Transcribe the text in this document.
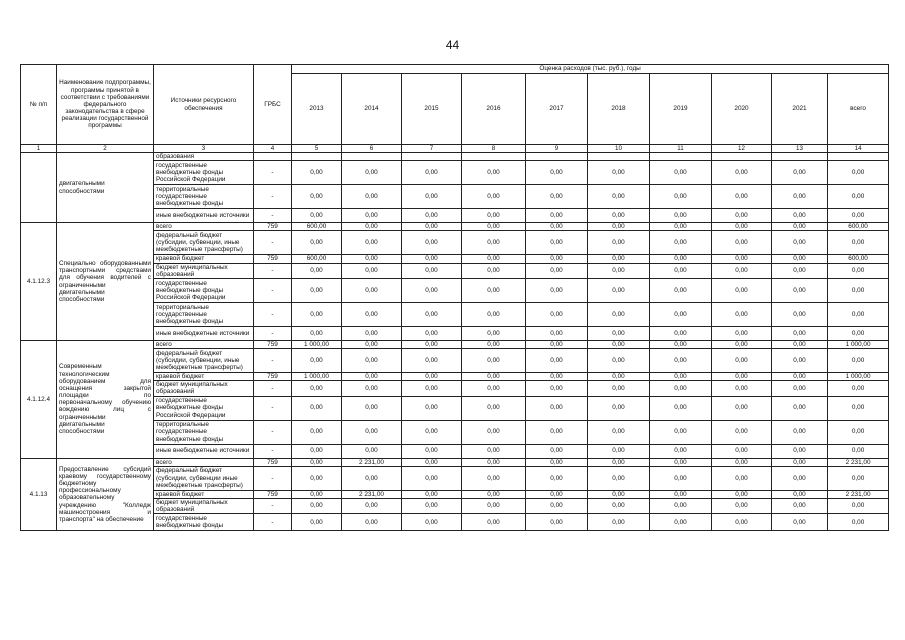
44
№ п/п	Наименование подпрограммы, программы принятой в соответствии с требованиями федерального законодательства в сфере реализации государственной программы	Источники ресурсного обеспечения	ГРБС	Оценка расходов (тыс. руб.), годы									
				2013	2014	2015	2016	2017	2018	2019	2020	2021	всего
1	2	3	4	5	6	7	8	9	10	11	12	13	14
	двигательными способностями	образования											
		государственные внебюджетные фонды Российской Федерации	-	0,00	0,00	0,00	0,00	0,00	0,00	0,00	0,00	0,00	0,00
		территориальные государственные внебюджетные фонды	-	0,00	0,00	0,00	0,00	0,00	0,00	0,00	0,00	0,00	0,00
		иные внебюджетные источники	-	0,00	0,00	0,00	0,00	0,00	0,00	0,00	0,00	0,00	0,00
4.1.12.3	Специально оборудованными транспортными средствами для обучения водителей с ограниченными двигательными способностями	всего	759	600,00	0,00	0,00	0,00	0,00	0,00	0,00	0,00	0,00	600,00
		федеральный бюджет (субсидии, субвенции, иные межбюджетные трансферты)	-	0,00	0,00	0,00	0,00	0,00	0,00	0,00	0,00	0,00	0,00
		краевой бюджет	759	600,00	0,00	0,00	0,00	0,00	0,00	0,00	0,00	0,00	600,00
		бюджет муниципальных образований	-	0,00	0,00	0,00	0,00	0,00	0,00	0,00	0,00	0,00	0,00
		государственные внебюджетные фонды Российской Федерации	-	0,00	0,00	0,00	0,00	0,00	0,00	0,00	0,00	0,00	0,00
		территориальные государственные внебюджетные фонды	-	0,00	0,00	0,00	0,00	0,00	0,00	0,00	0,00	0,00	0,00
		иные внебюджетные источники	-	0,00	0,00	0,00	0,00	0,00	0,00	0,00	0,00	0,00	0,00
4.1.12.4	Современным технологическим оборудованием для оснащения закрытой площадки по первоначальному обучению вождению лиц с ограниченными двигательными способностями	всего	759	1 000,00	0,00	0,00	0,00	0,00	0,00	0,00	0,00	0,00	1 000,00
		федеральный бюджет (субсидии, субвенции, иные межбюджетные трансферты)	-	0,00	0,00	0,00	0,00	0,00	0,00	0,00	0,00	0,00	0,00
		краевой бюджет	759	1 000,00	0,00	0,00	0,00	0,00	0,00	0,00	0,00	0,00	1 000,00
		бюджет муниципальных образований	-	0,00	0,00	0,00	0,00	0,00	0,00	0,00	0,00	0,00	0,00
		государственные внебюджетные фонды Российской Федерации	-	0,00	0,00	0,00	0,00	0,00	0,00	0,00	0,00	0,00	0,00
		территориальные государственные внебюджетные фонды	-	0,00	0,00	0,00	0,00	0,00	0,00	0,00	0,00	0,00	0,00
		иные внебюджетные источники	-	0,00	0,00	0,00	0,00	0,00	0,00	0,00	0,00	0,00	0,00
4.1.13	Предоставление субсидий краевому государственному бюджетному профессиональному образовательному учреждению "Колледж машиностроения и транспорта" на обеспечение	всего	759	0,00	2 231,00	0,00	0,00	0,00	0,00	0,00	0,00	0,00	2 231,00
		федеральный бюджет (субсидии, субвенции иные межбюджетные трансферты)	-	0,00	0,00	0,00	0,00	0,00	0,00	0,00	0,00	0,00	0,00
		краевой бюджет	759	0,00	2 231,00	0,00	0,00	0,00	0,00	0,00	0,00	0,00	2 231,00
		бюджет муниципальных образований	-	0,00	0,00	0,00	0,00	0,00	0,00	0,00	0,00	0,00	0,00
		государственные внебюджетные фонды	-	0,00	0,00	0,00	0,00	0,00	0,00	0,00	0,00	0,00	0,00
